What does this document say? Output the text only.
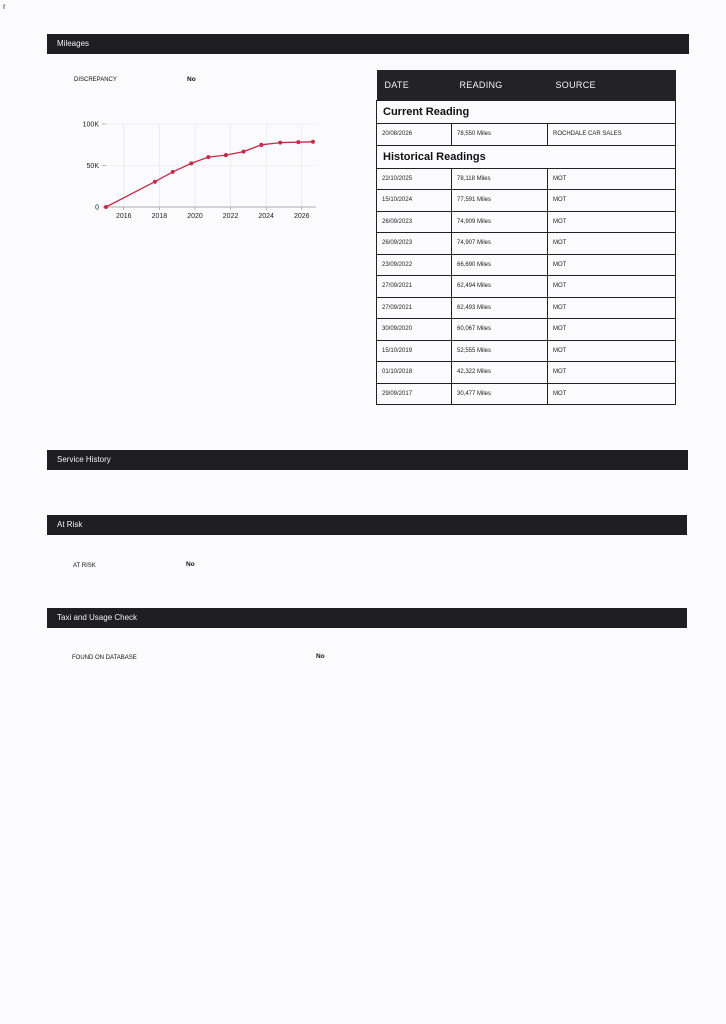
r
Mileages
DISCREPANCY	No
2016	2018	2020	2022	2024	2026
0
50K
100K
DATE	READING	SOURCE
Current Reading		
20/08/2026	78,550 Miles	ROCHDALE CAR SALES
Historical Readings		
22/10/2025	78,118 Miles	MOT
15/10/2024	77,591 Miles	MOT
26/09/2023	74,909 Miles	MOT
26/09/2023	74,907 Miles	MOT
23/09/2022	66,690 Miles	MOT
27/09/2021	62,494 Miles	MOT
27/09/2021	62,493 Miles	MOT
30/09/2020	60,067 Miles	MOT
15/10/2019	52,555 Miles	MOT
01/10/2018	42,322 Miles	MOT
29/09/2017	30,477 Miles	MOT
Service History
At Risk
AT RISK	No
Taxi and Usage Check
FOUND ON DATABASE	No
